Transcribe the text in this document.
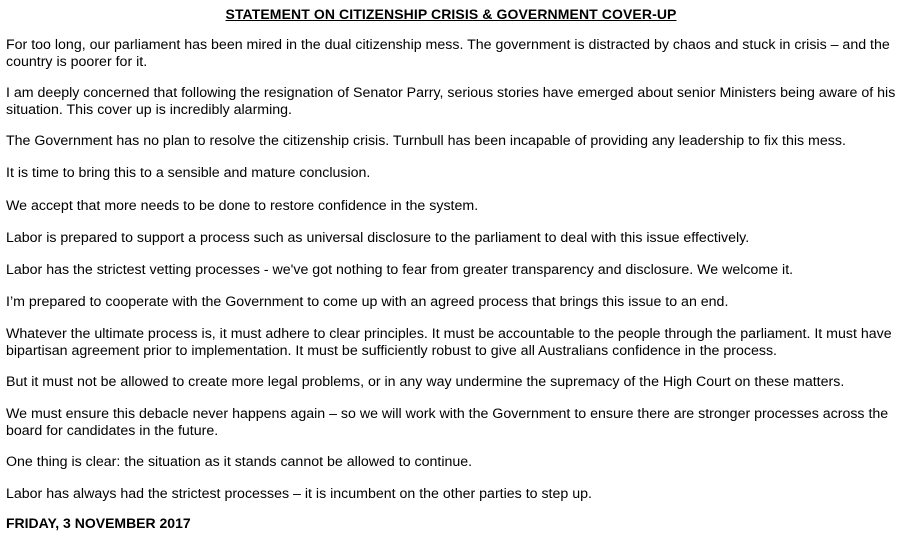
STATEMENT ON CITIZENSHIP CRISIS & GOVERNMENT COVER-UP

For too long, our parliament has been mired in the dual citizenship mess. The government is distracted by chaos and stuck in crisis – and the country is poorer for it.

I am deeply concerned that following the resignation of Senator Parry, serious stories have emerged about senior Ministers being aware of his situation. This cover up is incredibly alarming.

The Government has no plan to resolve the citizenship crisis. Turnbull has been incapable of providing any leadership to fix this mess.

It is time to bring this to a sensible and mature conclusion.

We accept that more needs to be done to restore confidence in the system.

Labor is prepared to support a process such as universal disclosure to the parliament to deal with this issue effectively.

Labor has the strictest vetting processes - we've got nothing to fear from greater transparency and disclosure. We welcome it.

I’m prepared to cooperate with the Government to come up with an agreed process that brings this issue to an end.

Whatever the ultimate process is, it must adhere to clear principles. It must be accountable to the people through the parliament. It must have bipartisan agreement prior to implementation. It must be sufficiently robust to give all Australians confidence in the process.

But it must not be allowed to create more legal problems, or in any way undermine the supremacy of the High Court on these matters.

We must ensure this debacle never happens again – so we will work with the Government to ensure there are stronger processes across the board for candidates in the future.

One thing is clear: the situation as it stands cannot be allowed to continue.

Labor has always had the strictest processes – it is incumbent on the other parties to step up.

FRIDAY, 3 NOVEMBER 2017
